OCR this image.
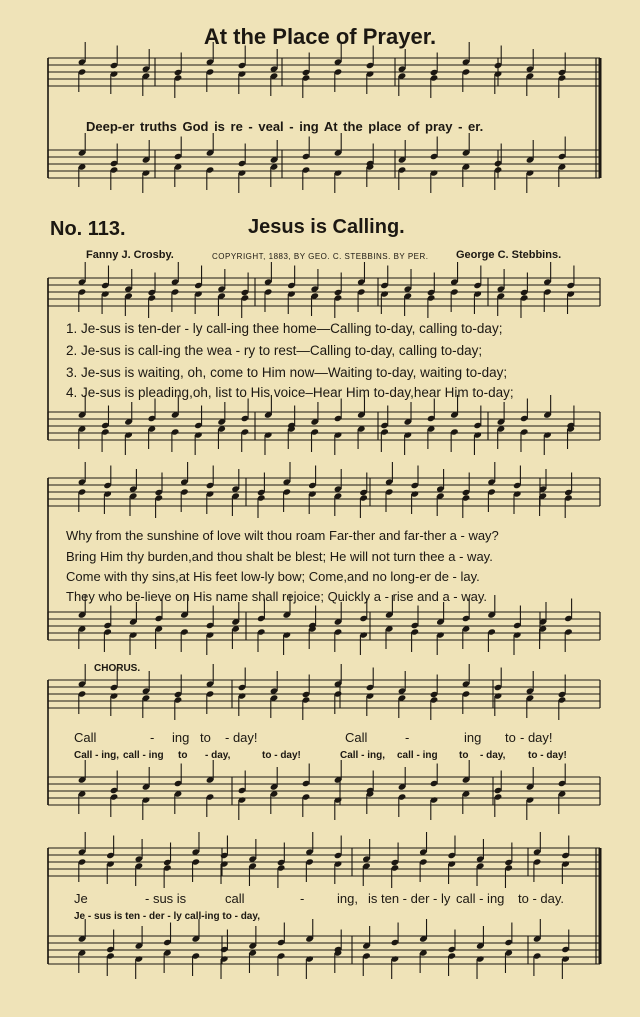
At the Place of Prayer.
Deep-er truths God is re - veal - ing At the place of pray - er.
No. 113.	Jesus is Calling.
Fanny J. Crosby.	COPYRIGHT, 1883, BY GEO. C. STEBBINS. BY PER.	George C. Stebbins.
1. Je-sus is ten-der - ly call-ing thee home—Calling to-day, calling to-day;
2. Je-sus is call-ing the wea - ry to rest—Calling to-day, calling to-day;
3. Je-sus is waiting, oh, come to Him now—Waiting to-day, waiting to-day;
4. Je-sus is pleading,oh, list to His voice–Hear Him to-day,hear Him to-day;
Why from the sunshine of love wilt thou roam Far-ther and far-ther a - way?
Bring Him thy burden,and thou shalt be blest; He will not turn thee a - way.
Come with thy sins,at His feet low-ly bow; Come,and no long-er de - lay.
They who be-lieve on His name shall rejoice; Quickly a - rise and a - way.
CHORUS.
Call	- ing to - day!	Call	-	ing to - day!
Call - ing, call - ing to - day,	to - day!	Call - ing, call - ing to - day, to - day!
Je	- sus is	call	-	ing, is ten - der - ly call - ing to - day.
Je - sus is ten - der - ly call-ing to - day,
